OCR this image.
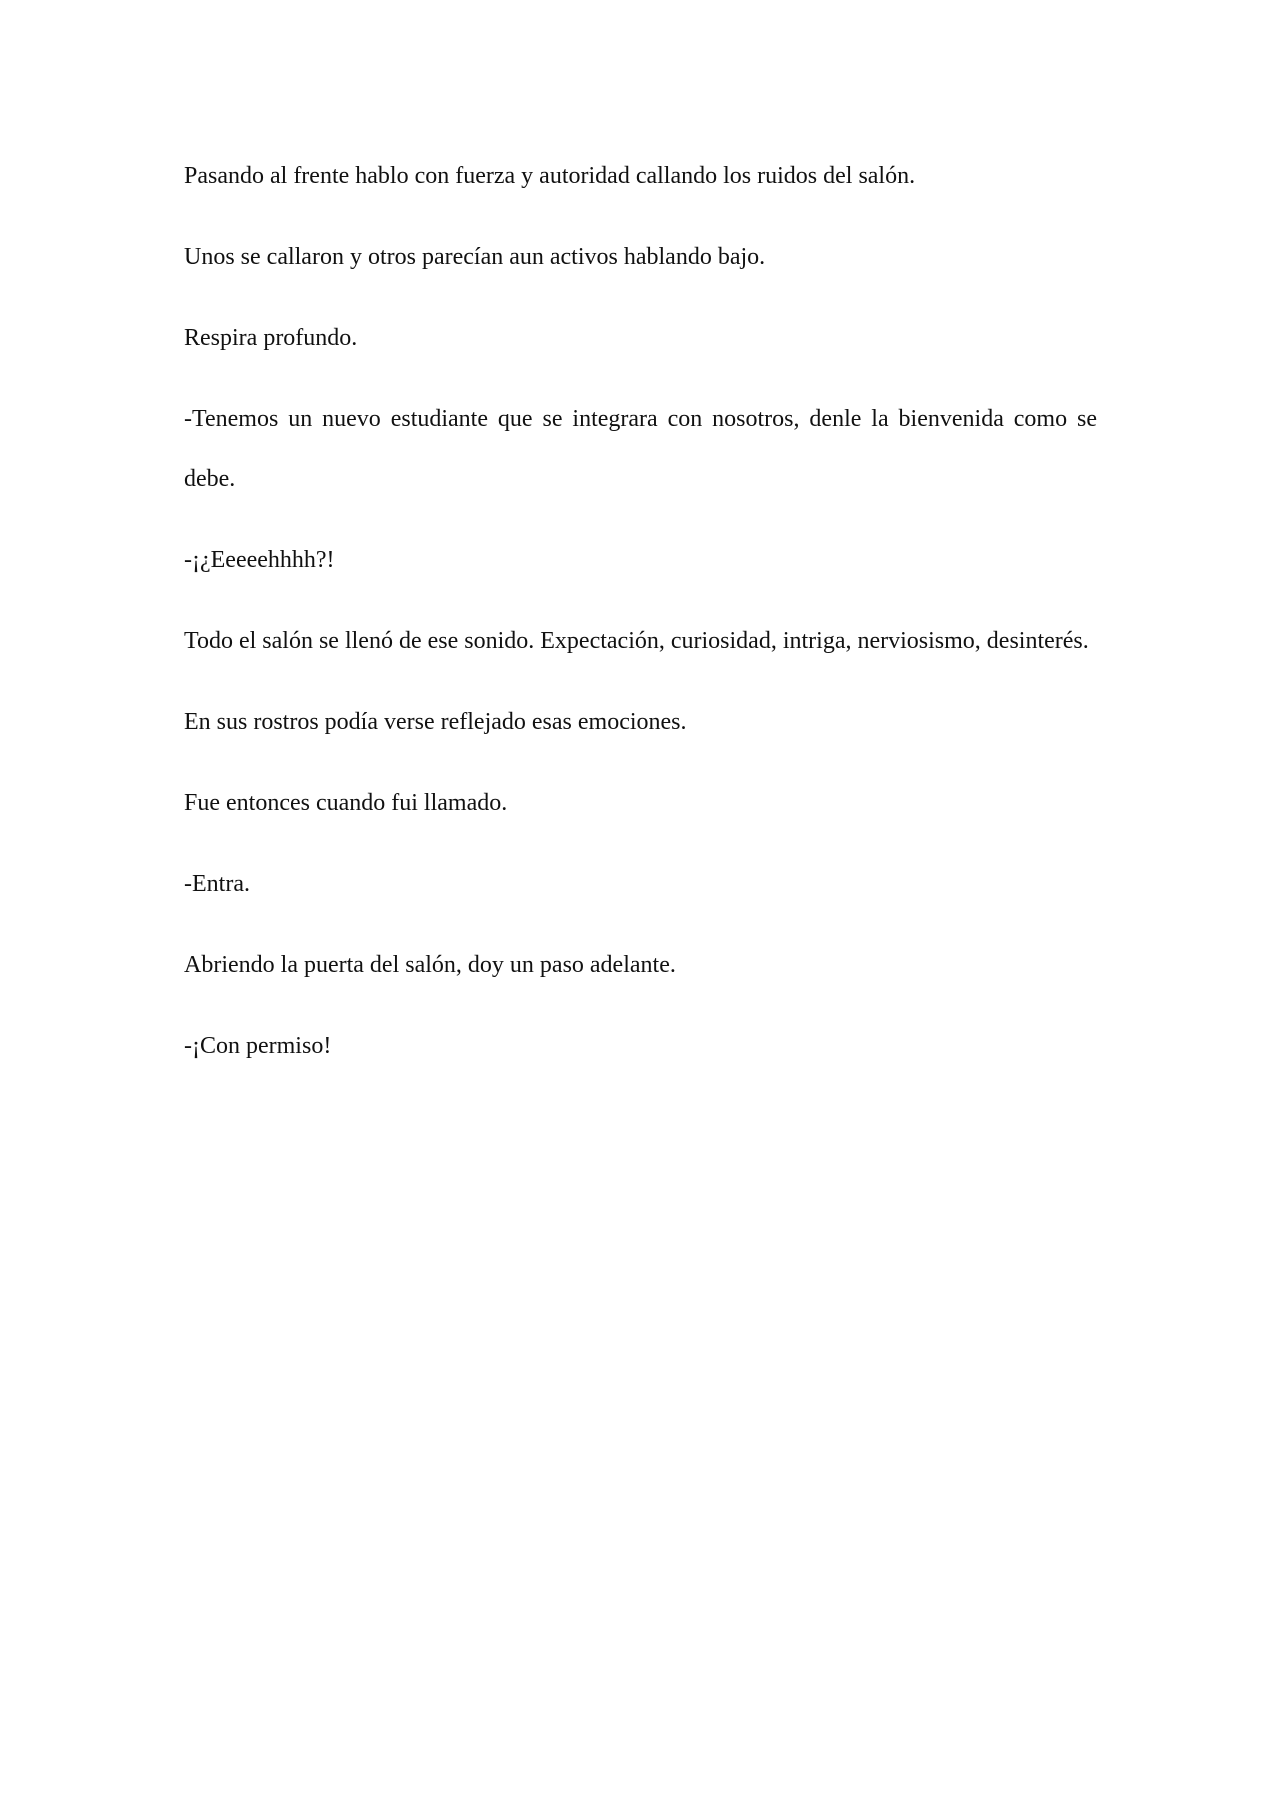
Pasando al frente hablo con fuerza y autoridad callando los ruidos del salón.

Unos se callaron y otros parecían aun activos hablando bajo.

Respira profundo.

-Tenemos un nuevo estudiante que se integrara con nosotros, denle la bienvenida como se debe.

-¡¿Eeeeehhhh?!

Todo el salón se llenó de ese sonido. Expectación, curiosidad, intriga, nerviosismo, desinterés.

En sus rostros podía verse reflejado esas emociones.

Fue entonces cuando fui llamado.

-Entra.

Abriendo la puerta del salón, doy un paso adelante.

-¡Con permiso!
